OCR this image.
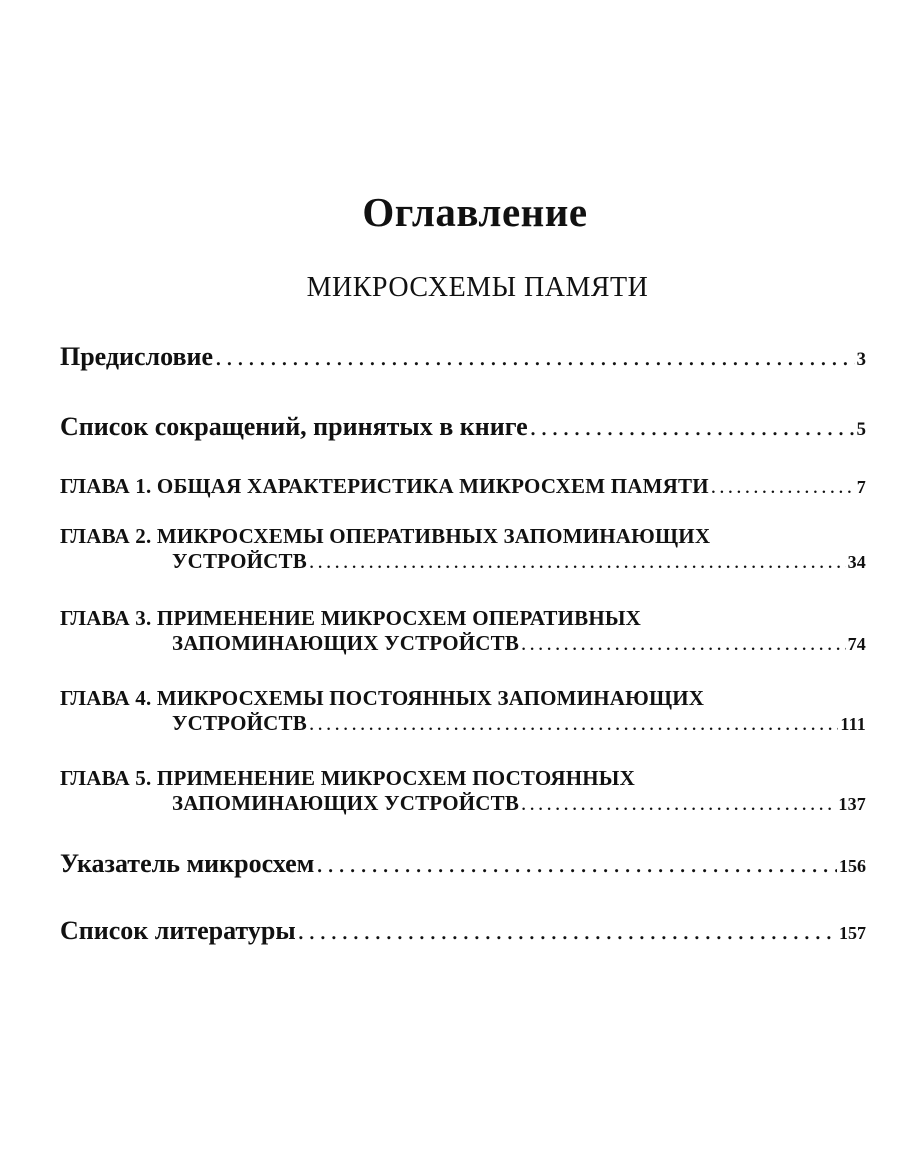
Оглавление
МИКРОСХЕМЫ ПАМЯТИ
Предисловие . . .	3
Список сокращений, принятых в книге . . .	5
ГЛАВА 1. ОБЩАЯ ХАРАКТЕРИСТИКА МИКРОСХЕМ ПАМЯТИ . . .	7
ГЛАВА 2. МИКРОСХЕМЫ ОПЕРАТИВНЫХ ЗАПОМИНАЮЩИХ
УСТРОЙСТВ . . .	34
ГЛАВА 3. ПРИМЕНЕНИЕ МИКРОСХЕМ ОПЕРАТИВНЫХ
ЗАПОМИНАЮЩИХ УСТРОЙСТВ . . .	74
ГЛАВА 4. МИКРОСХЕМЫ ПОСТОЯННЫХ ЗАПОМИНАЮЩИХ
УСТРОЙСТВ . . .	111
ГЛАВА 5. ПРИМЕНЕНИЕ МИКРОСХЕМ ПОСТОЯННЫХ
ЗАПОМИНАЮЩИХ УСТРОЙСТВ . . .	137
Указатель микросхем . . .	156
Список литературы . . .	157
